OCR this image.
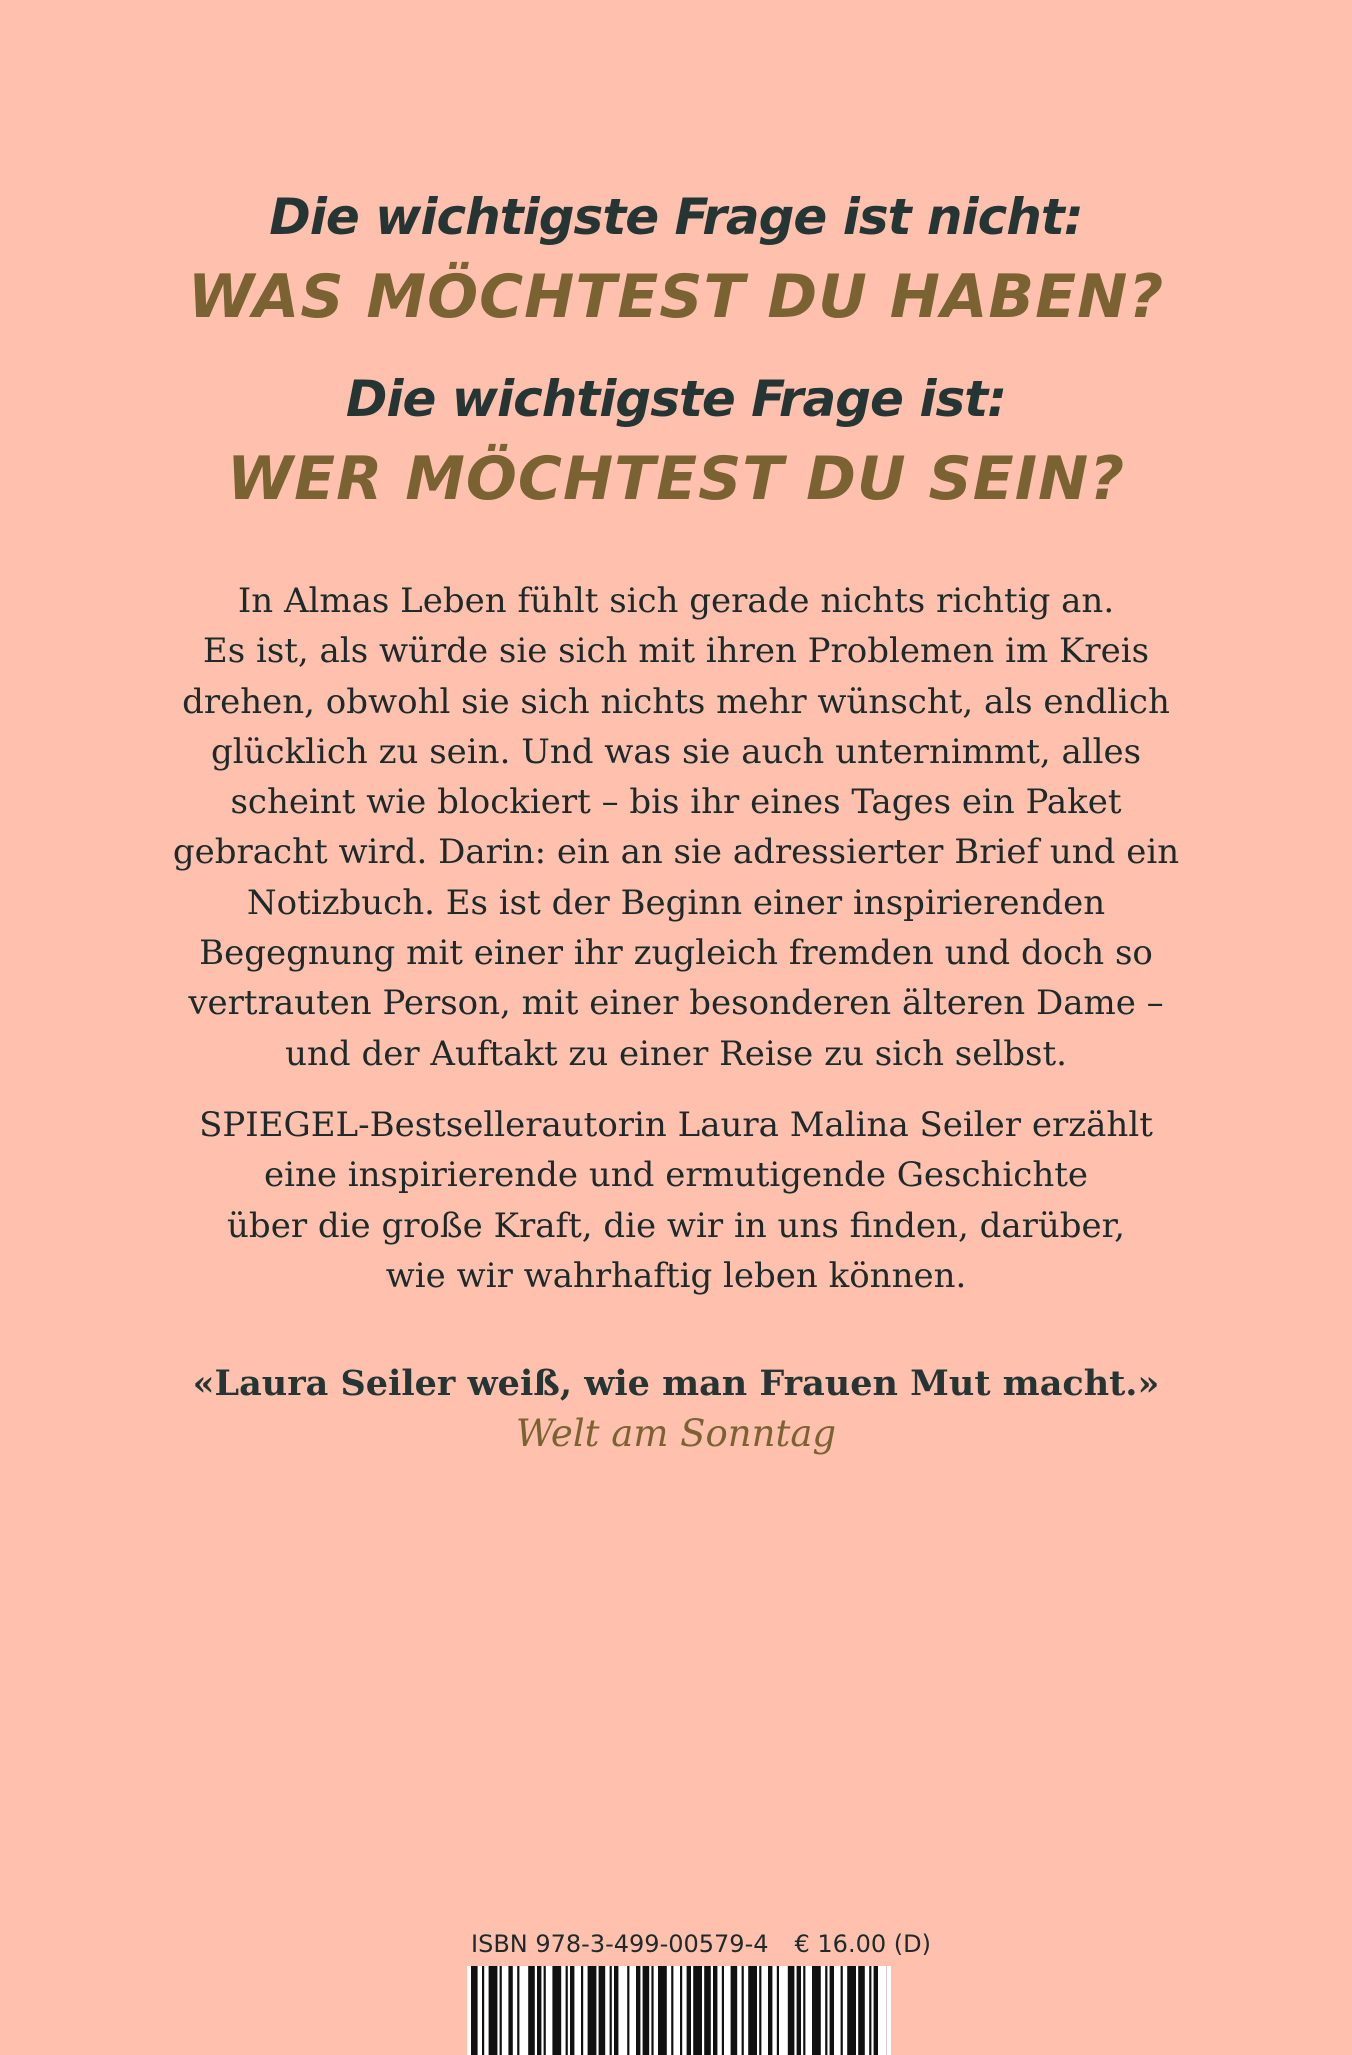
Die wichtigste Frage ist nicht:
WAS MÖCHTEST DU HABEN?
Die wichtigste Frage ist:
WER MÖCHTEST DU SEIN?

In Almas Leben fühlt sich gerade nichts richtig an.

Es ist, als würde sie sich mit ihren Problemen im Kreis

drehen, obwohl sie sich nichts mehr wünscht, als endlich

glücklich zu sein. Und was sie auch unternimmt, alles

scheint wie blockiert – bis ihr eines Tages ein Paket

gebracht wird. Darin: ein an sie adressierter Brief und ein

Notizbuch. Es ist der Beginn einer inspirierenden

Begegnung mit einer ihr zugleich fremden und doch so

vertrauten Person, mit einer besonderen älteren Dame –

und der Auftakt zu einer Reise zu sich selbst.

SPIEGEL-Bestsellerautorin Laura Malina Seiler erzählt

eine inspirierende und ermutigende Geschichte

über die große Kraft, die wir in uns finden, darüber,

wie wir wahrhaftig leben können.

«Laura Seiler weiß, wie man Frauen Mut macht.»
Welt am Sonntag
ISBN 978-3-499-00579-4 € 16.00 (D)
